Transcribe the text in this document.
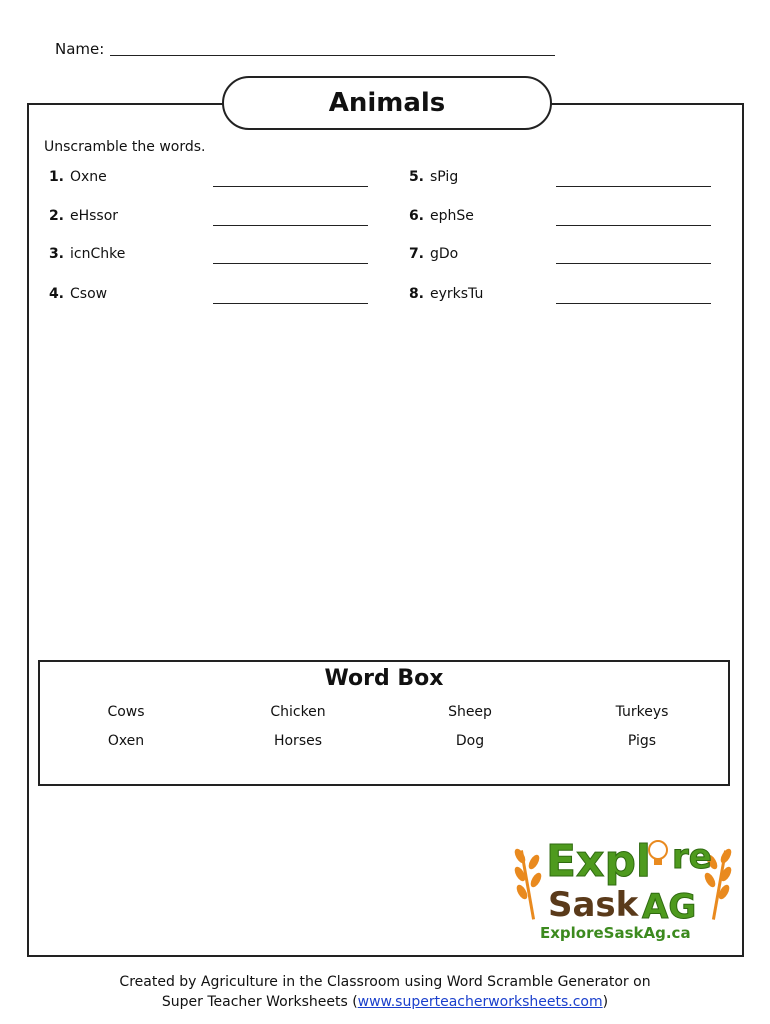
Name:
Animals
Unscramble the words.
1. Oxne
2. eHssor
3. icnChke
4. Csow
5. sPig
6. ephSe
7. gDo
8. eyrksTu
Word Box
Cows	Chicken	Sheep	Turkeys
Oxen	Horses	Dog	Pigs
Expl re
Sask AG
ExploreSaskAg.ca
Created by Agriculture in the Classroom using Word Scramble Generator on
Super Teacher Worksheets (www.superteacherworksheets.com)
